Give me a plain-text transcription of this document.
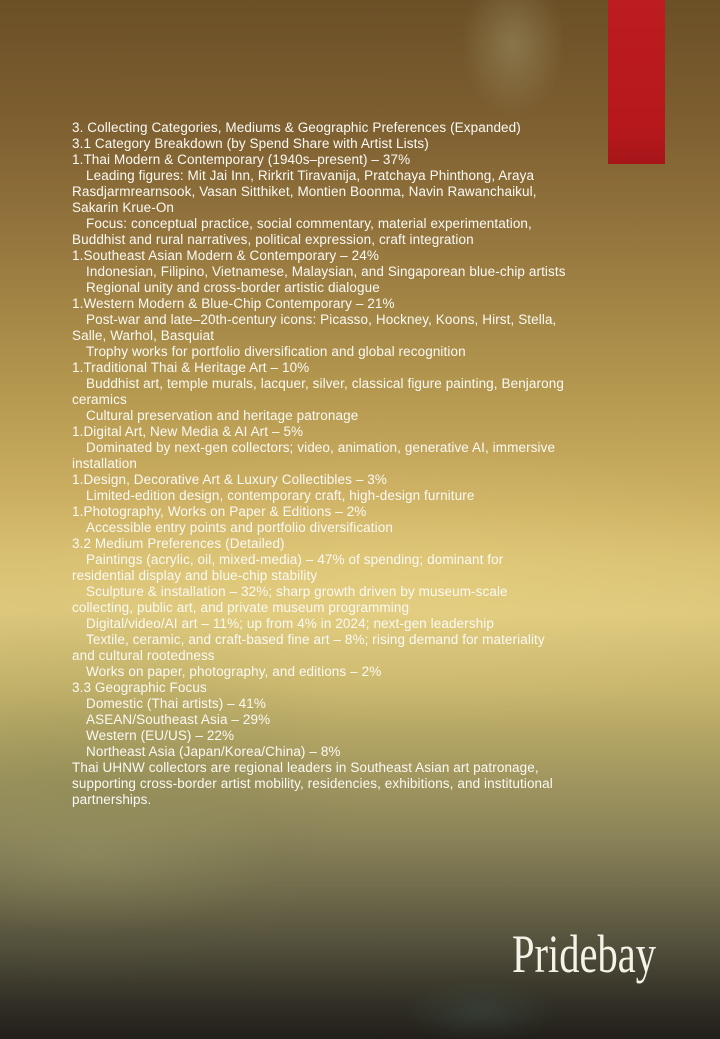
3. Collecting Categories, Mediums & Geographic Preferences (Expanded)
3.1 Category Breakdown (by Spend Share with Artist Lists)
1.Thai Modern & Contemporary (1940s–present) – 37%
Leading figures: Mit Jai Inn, Rirkrit Tiravanija, Pratchaya Phinthong, Araya
Rasdjarmrearnsook, Vasan Sitthiket, Montien Boonma, Navin Rawanchaikul,
Sakarin Krue-On
Focus: conceptual practice, social commentary, material experimentation,
Buddhist and rural narratives, political expression, craft integration
1.Southeast Asian Modern & Contemporary – 24%
Indonesian, Filipino, Vietnamese, Malaysian, and Singaporean blue-chip artists
Regional unity and cross-border artistic dialogue
1.Western Modern & Blue-Chip Contemporary – 21%
Post-war and late–20th-century icons: Picasso, Hockney, Koons, Hirst, Stella,
Salle, Warhol, Basquiat
Trophy works for portfolio diversification and global recognition
1.Traditional Thai & Heritage Art – 10%
Buddhist art, temple murals, lacquer, silver, classical figure painting, Benjarong
ceramics
Cultural preservation and heritage patronage
1.Digital Art, New Media & AI Art – 5%
Dominated by next-gen collectors; video, animation, generative AI, immersive
installation
1.Design, Decorative Art & Luxury Collectibles – 3%
Limited-edition design, contemporary craft, high-design furniture
1.Photography, Works on Paper & Editions – 2%
Accessible entry points and portfolio diversification
3.2 Medium Preferences (Detailed)
Paintings (acrylic, oil, mixed-media) – 47% of spending; dominant for
residential display and blue-chip stability
Sculpture & installation – 32%; sharp growth driven by museum-scale
collecting, public art, and private museum programming
Digital/video/AI art – 11%; up from 4% in 2024; next-gen leadership
Textile, ceramic, and craft-based fine art – 8%; rising demand for materiality
and cultural rootedness
Works on paper, photography, and editions – 2%
3.3 Geographic Focus
Domestic (Thai artists) – 41%
ASEAN/Southeast Asia – 29%
Western (EU/US) – 22%
Northeast Asia (Japan/Korea/China) – 8%
Thai UHNW collectors are regional leaders in Southeast Asian art patronage,
supporting cross-border artist mobility, residencies, exhibitions, and institutional
partnerships.
Pridebay
